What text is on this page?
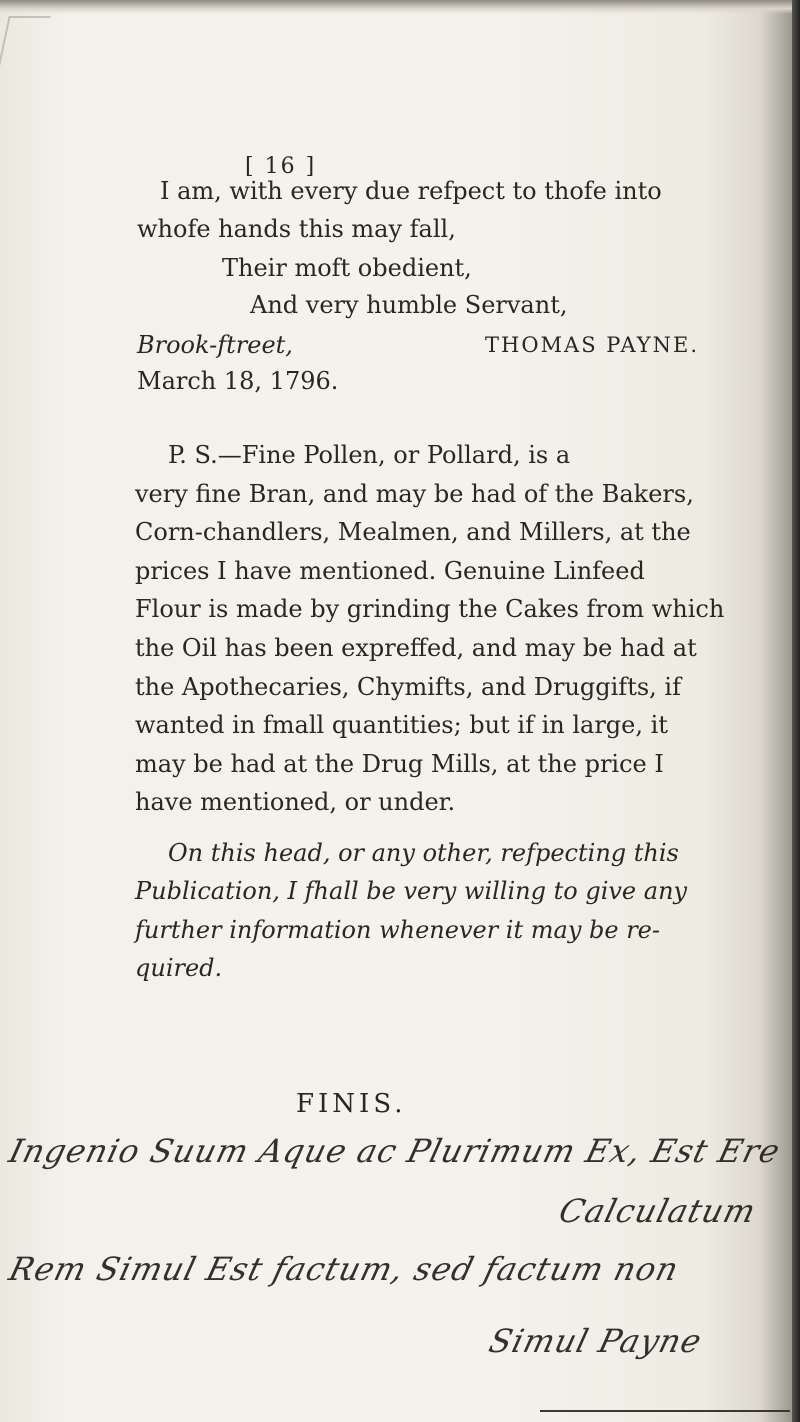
[ 16 ]
I am, with every due refpect to thofe into
whofe hands this may fall,
Their moft obedient,
And very humble Servant,
Brook-ftreet,	THOMAS PAYNE.
March 18, 1796.
P. S.—Fine Pollen, or Pollard, is a
very fine Bran, and may be had of the Bakers,
Corn-chandlers, Mealmen, and Millers, at the
prices I have mentioned. Genuine Linfeed
Flour is made by grinding the Cakes from which
the Oil has been expreffed, and may be had at
the Apothecaries, Chymifts, and Druggifts, if
wanted in fmall quantities; but if in large, it
may be had at the Drug Mills, at the price I
have mentioned, or under.
On this head, or any other, refpecting this
Publication, I fhall be very willing to give any
further information whenever it may be re-
quired.
FINIS.
Ingenio Suum Aque ac Plurimum Ex, Est Ere
Calculatum
Rem Simul Est factum, sed factum non
Simul Payne
